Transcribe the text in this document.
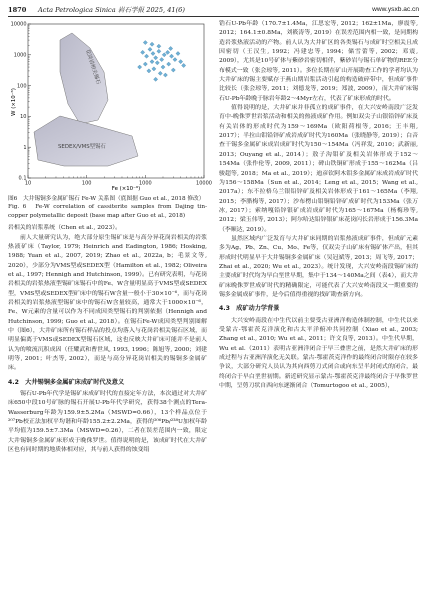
1870 Acta Petrologica Sinica 岩石学报 2025, 41(6)	www.ysxb.ac.cn
花岗岩相关锡石
SEDEX/VMS型锡石
10	100	1000	10000
0.1
1
10
100
1000
10000
Fe (×10⁻⁶)
W (×10⁻⁶)

图6　大井锡铜多金属矿锡石 Fe-W 关系图（底图据 Guo et al., 2018 修改）

Fig. 6　Fe-W correlation of cassiterite samples from Dajing tin-copper polymetallic deposit (base map after Guo et al., 2018)

岩相关的岩浆系统（Chen et al., 2023）。

前人大量研究认为，绝大部分原生锡矿床是与高分异花岗岩相关的岩浆热液矿床（Taylor, 1979; Heinrich and Eadington, 1986; Hosking, 1988; Yuan et al., 2007, 2019; Zhao et al., 2022a, b；毛景文等, 2020），少部分为VMS型或SEDEX型（Hamilton et al., 1982; Oliveira et al., 1997; Hennigh and Hutchinson, 1999）。已有研究表明，与花岗岩相关的岩浆热液型锡矿床锡石中的Fe、W含量明显高于VMS型或SEDEX型，VMS型或SEDEX型矿床中的锡石W含量一般小于30×10⁻⁶，而与花岗岩相关的岩浆热液型锡矿床中的锡石W含量较高，通常大于1000×10⁻⁶，Fe、W元素的含量可以作为不同成因类型锡石的判别依据（Hennigh and Hutchinson, 1999; Guo et al., 2018）。在锡石Fe-W成因类型判别图解中（图6），大井矿床所有锡石样品的投点均落入与花岗岩相关锡石区域，而明显偏离于VMS或SEDEX型锡石区域，这也反映大井矿床可能并不是前人认为的喷流沉积成因（任耀武和曹世凤, 1993, 1996；陈旭等, 2000；刘建明等, 2001；叶杰等, 2002），而是与高分异花岗岩相关的锡铜多金属矿床。

4.2　大井锡铜多金属矿床成矿时代及意义

锡石U-Pb年代学是锡矿床成矿时代的直接定年方法，本次通过对大井矿床650中段10号矿脉的锡石开展U-Pb年代学研究，获得38个测点的Tera-Wasserburg年龄为159.9±5.2Ma（MSWD=0.66），13个样品点位于²⁰⁷Pb校正法加权平均谐和年龄155.2±2.2Ma，获得的²⁰⁶Pb/²³⁸U加权年龄平均值为159.5±7.3Ma（MSWD=0.26），二者在误差范围内一致，限定大井锡铜多金属矿床形成于晚侏罗世。值得说明的是，该成矿时代在大井矿区也有同时期的地质体相对应，其与前人获得的蚀变绢

锆石U-Pb年龄（170.7±1.4Ma，江思宏等, 2012；162±1Ma，廖震等, 2012；164.1±0.8Ma，刘筱涛等, 2019）在误差范围内相一致，是同期构造岩浆热液活动的产物。前人认为大井矿区的各类锡石与成矿时空相关且成因密切（王汉生, 1992；冯建忠等, 1994；储雪蕾等, 2002；邓震, 2009），尤其是10号矿体与紫砂岩密切相伴，紫砂岩与锡石单矿物的REE分布模式一致（张会琼等, 2011）。多位长期在矿山开展勘查工作的学者均认为大井矿床的锡主要赋存于燕山期岩浆活动引起的构造破碎带中，但成矿事件比较长（张会琼等, 2011；刘德龙等, 2019；郑波, 2009），而大井矿床锡石U-Pb年龄晚于脉岩年龄2～4Myr左右，代表了矿床形成的时代。

值得说明的是，大井矿床并非孤立的成矿事件，在大兴安岭南段广泛发育中-晚侏罗世岩浆活动和相关的热液成矿作用。例如双尖子山银铅锌矿床及有关岩体的形成时代为159～169Ma（欧阳荷根等, 2016；王丰翔, 2017）；半拉山钼铅锌矿成岩成矿时代为160Ma（张晓静等, 2019）；白音查干锡多金属矿床成岩成矿时代为150～154Ma（冯祥发, 2010；武新丽, 2013；Ouyang et al., 2014）；敖子沟钼矿及相关岩体形成于152～154Ma（张作伦等, 2009, 2011）；碑山铁铜矿形成于155～162Ma（吕骏超等, 2018；Ma et al., 2019）；迪彦钦阿木钼多金属矿床成岩成矿时代为156～158Ma（Sun et al., 2014；Leng et al., 2015；Wang et al., 2017a）；东不拉格乌兰银铅锌矿及相关岩体形成于161～165Ma（李翔, 2015；李腊梅等, 2017）；沙布楞山钼铜铅锌矿成矿时代为153Ma（张万冰, 2017）；索纳嘎铅锌银矿成岩成矿时代为165～167Ma（杨梅珍等, 2012；梁玉伟等, 2013）；阿尔哈达铅锌银矿床花岗闪长岩形成于156.3Ma（李顺达, 2019）。

虽然区域内广泛发育与大井矿床同期的岩浆热液成矿事件，但成矿元素多为Ag、Pb、Zn、Cu、Mo、Fe等，仅双尖子山矿床有锡矿体产出，但其形成时代明显早于大井锡铜多金属矿床（吴冠斌等, 2013；周飞等, 2017；Zhai et al., 2020; Wu et al., 2023）。统计发现，大兴安岭南段锡矿床的主要成矿时代均为早白垩世早期，集中于134～140Ma之间（表4），而大井矿床晚侏罗世成矿时代的精确限定，可能代表了大兴安岭南段又一期重要的锡多金属成矿事件，是今后值得重视的找矿勘查新方向。

4.3　成矿动力学背景

大兴安岭南段在中生代以前主要受古亚洲洋构造体制控制，中生代以来受蒙古-鄂霍茨克洋演化和古太平洋俯冲共同控制（Xiao et al., 2003; Zhang et al., 2010; Wu et al., 2011；许文良等, 2013）。中生代早期，Wu et al.（2011）表明古亚洲洋闭合于早三叠世之前，是然大井矿床的形成过程与古亚洲洋演化无关联。蒙古-鄂霍茨克洋作的最终闭合时限存在较多争议，大部分研究人员认为其向西剪刀式闭合或向东呈半封闭式的闭合，最终闭合于早白垩世初期。新近研究显示蒙古-鄂霍茨克洋最终闭合于早侏罗世中期，呈剪刀状自西向东逐渐闭合（Tomurtogoo et al., 2005），
